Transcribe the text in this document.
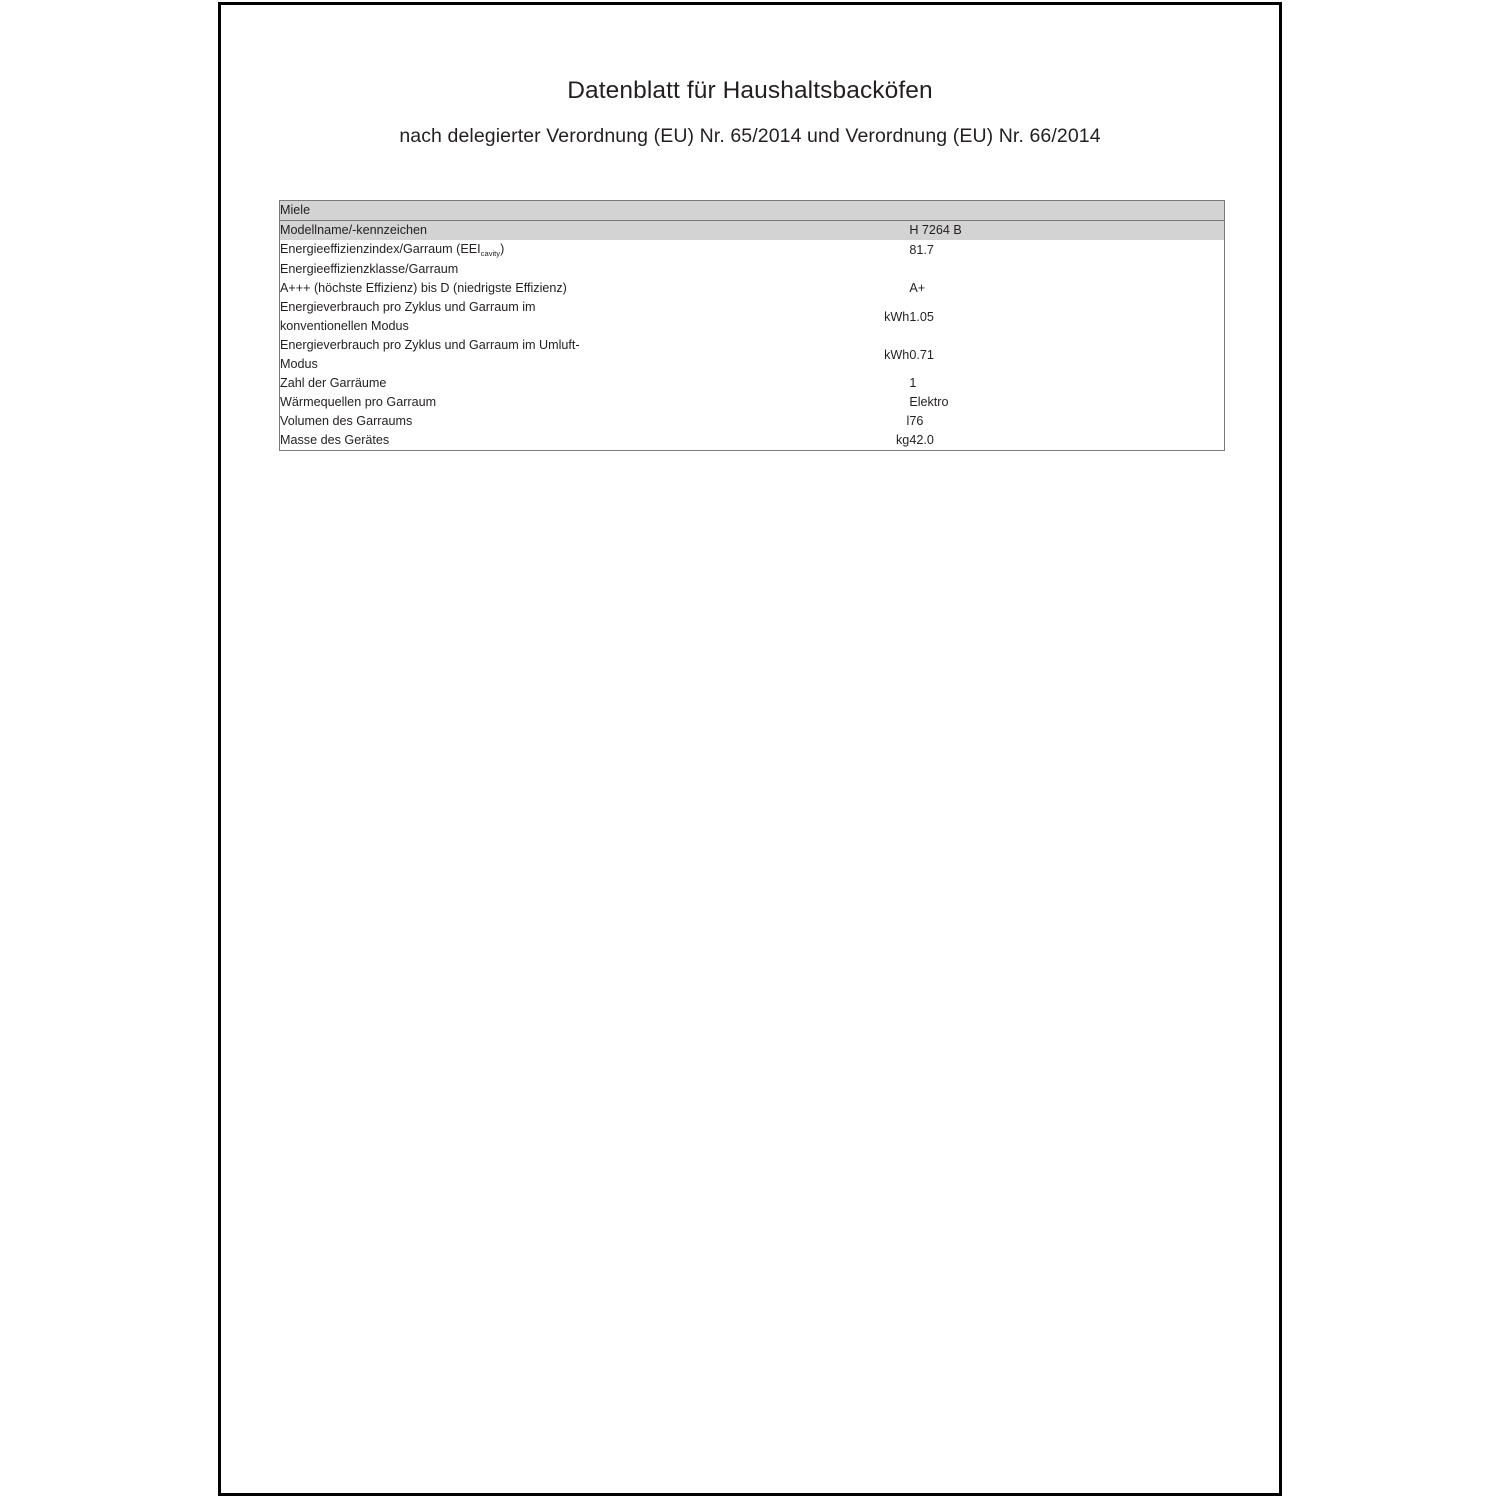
Datenblatt für Haushaltsbacköfen
nach delegierter Verordnung (EU) Nr. 65/2014 und Verordnung (EU) Nr. 66/2014
Miele		
Modellname/-kennzeichen		H 7264 B
Energieeffizienzindex/Garraum $(EEI_{cavity})$		81.7
Energieeffizienzklasse/Garraum		
A+++ (höchste Effizienz) bis D (niedrigste Effizienz)		A+
Energieverbrauch pro Zyklus und Garraum im konventionellen Modus	kWh	1.05
Energieverbrauch pro Zyklus und Garraum im Umluft-Modus	kWh	0.71
Zahl der Garräume		1
Wärmequellen pro Garraum		Elektro
Volumen des Garraums	l	76
Masse des Gerätes	kg	42.0
